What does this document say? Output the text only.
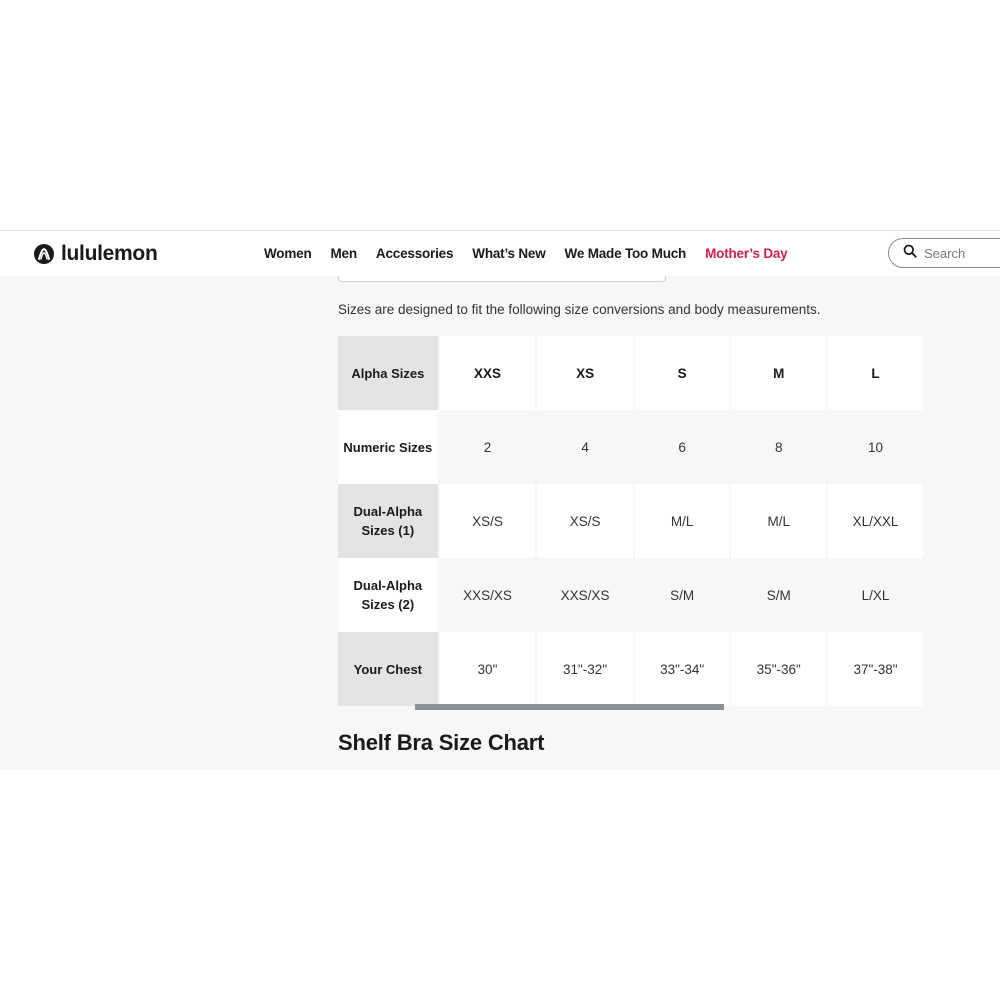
lululemon	Women Men Accessories What’s New We Made Too Much Mother’s Day
Search
Sizes are designed to fit the following size conversions and body measurements.
Alpha Sizes	XXS	XS	S	M	L
Numeric Sizes	2	4	6	8	10
Dual-Alpha Sizes (1)	XS/S	XS/S	M/L	M/L	XL/XXL
Dual-Alpha Sizes (2)	XXS/XS	XXS/XS	S/M	S/M	L/XL
Your Chest	30"	31"-32"	33"-34"	35"-36"	37"-38"
Shelf Bra Size Chart
